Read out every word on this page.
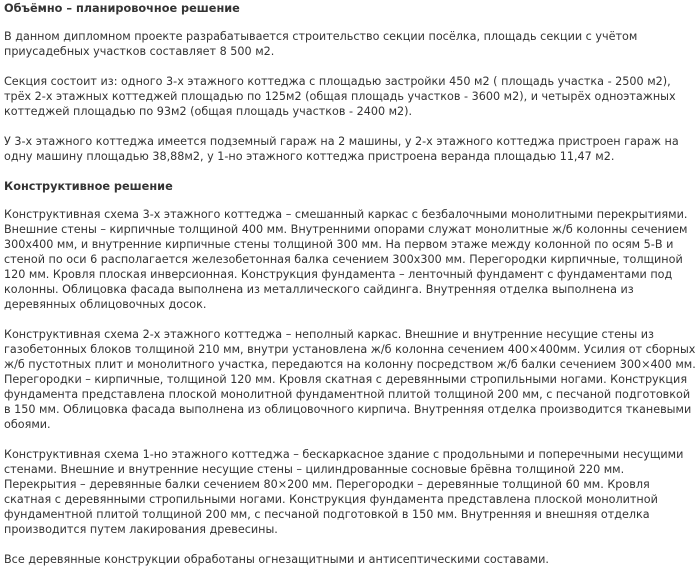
Объёмно – планировочное решение

В данном дипломном проекте разрабатывается строительство секции посёлка, площадь секции с учётом приусадебных участков составляет 8 500 м2.

Секция состоит из: одного 3-х этажного коттеджа с площадью застройки 450 м2 ( площадь участка - 2500 м2), трёх 2-х этажных коттеджей площадью по 125м2 (общая площадь участков - 3600 м2), и четырёх одноэтажных коттеджей площадью по 93м2 (общая площадь участков - 2400 м2).

У 3-х этажного коттеджа имеется подземный гараж на 2 машины, у 2-х этажного коттеджа пристроен гараж на одну машину площадью 38,88м2, у 1-но этажного коттеджа пристроена веранда площадью 11,47 м2.

Конструктивное решение

Конструктивная схема 3-х этажного коттеджа – смешанный каркас с безбалочными монолитными перекрытиями. Внешние стены – кирпичные толщиной 400 мм. Внутренними опорами служат монолитные ж/б колонны сечением 300х400 мм, и внутренние кирпичные стены толщиной 300 мм. На первом этаже между колонной по осям 5-В и стеной по оси 6 располагается железобетонная балка сечением 300х300 мм. Перегородки кирпичные, толщиной 120 мм. Кровля плоская инверсионная. Конструкция фундамента – ленточный фундамент с фундаментами под колонны. Облицовка фасада выполнена из металлического сайдинга. Внутренняя отделка выполнена из деревянных облицовочных досок.

Конструктивная схема 2-х этажного коттеджа – неполный каркас. Внешние и внутренние несущие стены из газобетонных блоков толщиной 210 мм, внутри установлена ж/б колонна сечением 400×400мм. Усилия от сборных ж/б пустотных плит и монолитного участка, передаются на колонну посредством ж/б балки сечением 300×400 мм. Перегородки – кирпичные, толщиной 120 мм. Кровля скатная с деревянными стропильными ногами. Конструкция фундамента представлена плоской монолитной фундаментной плитой толщиной 200 мм, с песчаной подготовкой в 150 мм. Облицовка фасада выполнена из облицовочного кирпича. Внутренняя отделка производится тканевыми обоями.

Конструктивная схема 1-но этажного коттеджа – бескаркасное здание с продольными и поперечными несущими стенами. Внешние и внутренние несущие стены – цилиндрованные сосновые брёвна толщиной 220 мм. Перекрытия – деревянные балки сечением 80×200 мм. Перегородки – деревянные толщиной 60 мм. Кровля скатная с деревянными стропильными ногами. Конструкция фундамента представлена плоской монолитной фундаментной плитой толщиной 200 мм, с песчаной подготовкой в 150 мм. Внутренняя и внешняя отделка производится путем лакирования древесины.

Все деревянные конструкции обработаны огнезащитными и антисептическими составами.
